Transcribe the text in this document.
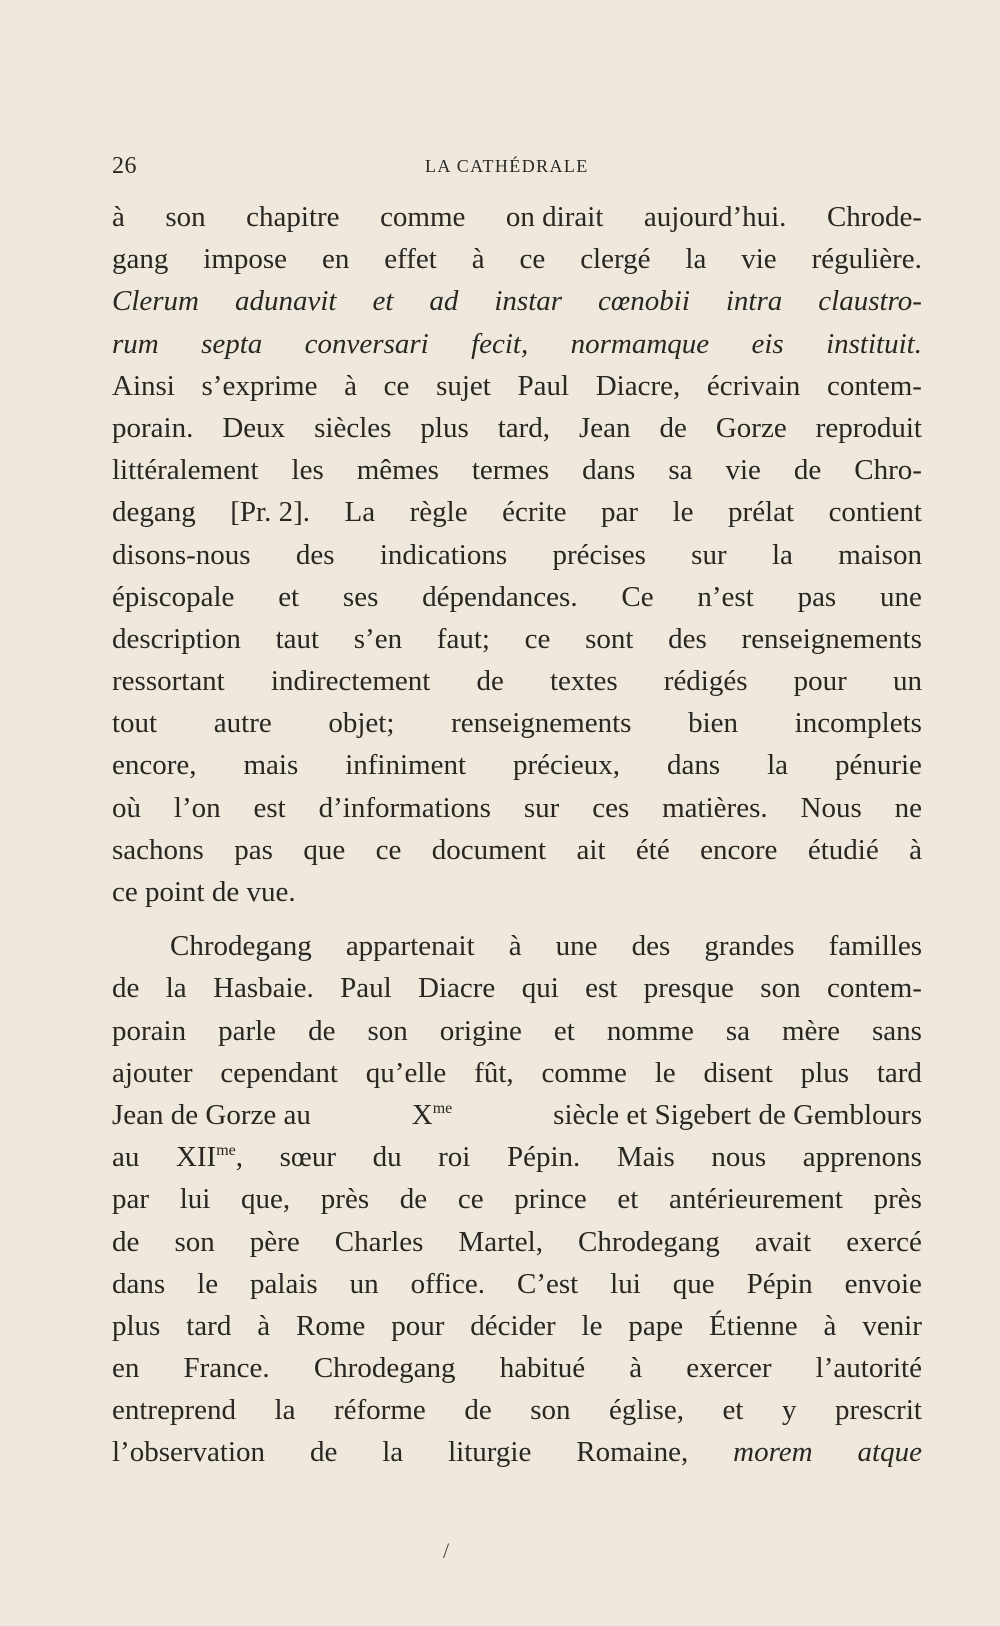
26	LA CATHÉDRALE
à son chapitre comme on dirait aujourd’hui. Chrode-
gang impose en effet à ce clergé la vie régulière.
Clerum adunavit et ad instar cœnobii intra claustro-
rum septa conversari fecit, normamque eis instituit.
Ainsi s’exprime à ce sujet Paul Diacre, écrivain contem-
porain. Deux siècles plus tard, Jean de Gorze reproduit
littéralement les mêmes termes dans sa vie de Chro-
degang [Pr. 2]. La règle écrite par le prélat contient
disons-nous des indications précises sur la maison
épiscopale et ses dépendances. Ce n’est pas une
description taut s’en faut; ce sont des renseignements
ressortant indirectement de textes rédigés pour un
tout autre objet; renseignements bien incomplets
encore, mais infiniment précieux, dans la pénurie
où l’on est d’informations sur ces matières. Nous ne
sachons pas que ce document ait été encore étudié à
ce point de vue.
Chrodegang appartenait à une des grandes familles
de la Hasbaie. Paul Diacre qui est presque son contem-
porain parle de son origine et nomme sa mère sans
ajouter cependant qu’elle fût, comme le disent plus tard
Jean de Gorze au	$X^{me}$	siècle et Sigebert de Gemblours
au $XII^{me}$, sœur du roi Pépin. Mais nous apprenons
par lui que, près de ce prince et antérieurement près
de son père Charles Martel, Chrodegang avait exercé
dans le palais un office. C’est lui que Pépin envoie
plus tard à Rome pour décider le pape Étienne à venir
en France. Chrodegang habitué à exercer l’autorité
entreprend la réforme de son église, et y prescrit
l’observation de la liturgie Romaine, morem atque
/
